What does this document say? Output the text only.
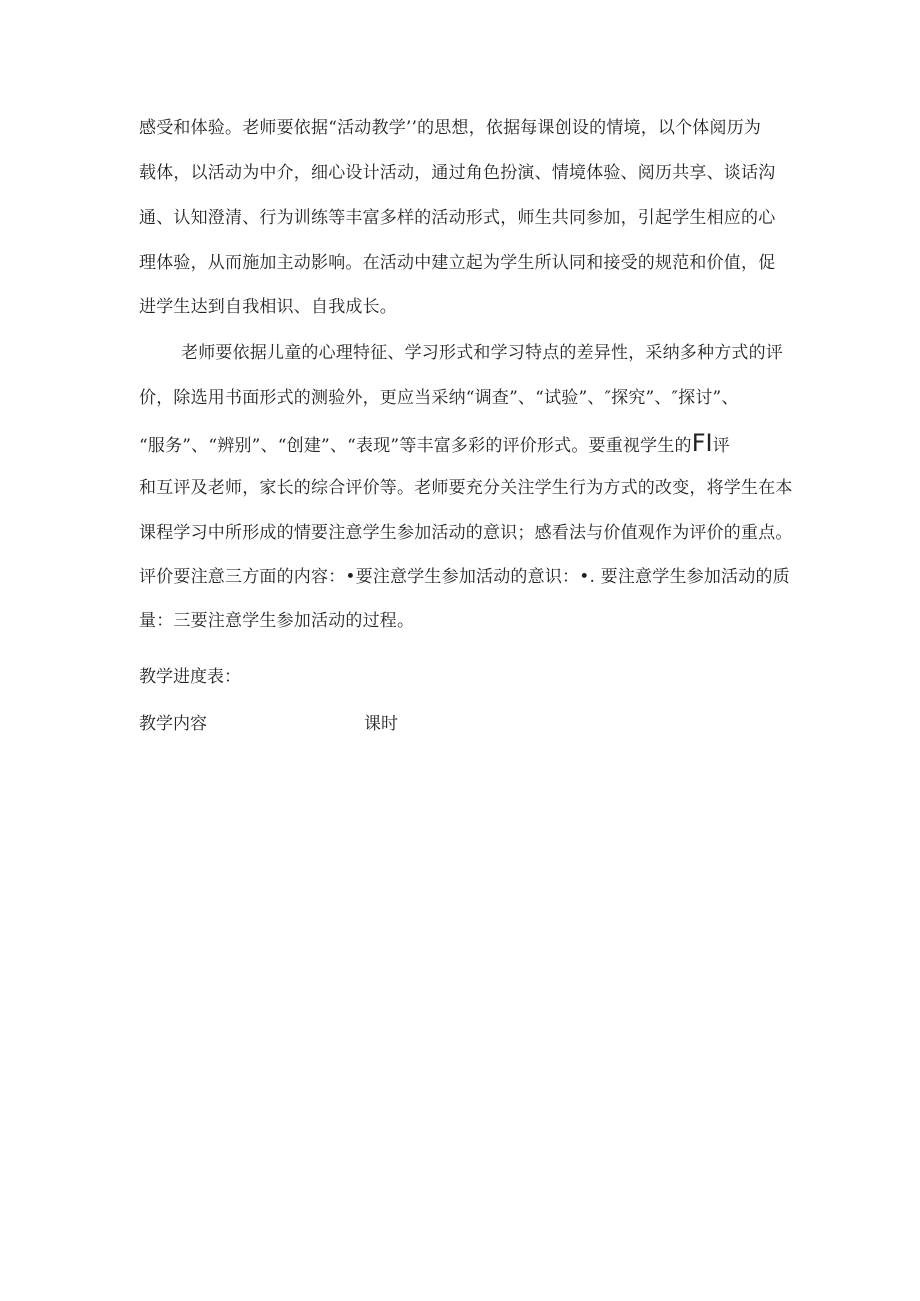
感受和体验。老师要依据“活动教学’’的思想，依据每课创设的情境，以个体阅历为
载体，以活动为中介，细心设计活动，通过角色扮演、情境体验、阅历共享、谈话沟
通、认知澄清、行为训练等丰富多样的活动形式，师生共同参加，引起学生相应的心
理体验，从而施加主动影响。在活动中建立起为学生所认同和接受的规范和价值，促
进学生达到自我相识、自我成长。
老师要依据儿童的心理特征、学习形式和学习特点的差异性，采纳多种方式的评
价，除选用书面形式的测验外，更应当采纳“调查”、“试验”、″探究”、″探讨”、
“服务”、“辨别”、“创建”、“表现”等丰富多彩的评价形式。要重视学生的FI评
和互评及老师，家长的综合评价等。老师要充分关注学生行为方式的改变，将学生在本
课程学习中所形成的情要注意学生参加活动的意识；感看法与价值观作为评价的重点。
评价要注意三方面的内容：•要注意学生参加活动的意识：•. 要注意学生参加活动的质
量：三要注意学生参加活动的过程。
教学进度表：
教学内容	课时
